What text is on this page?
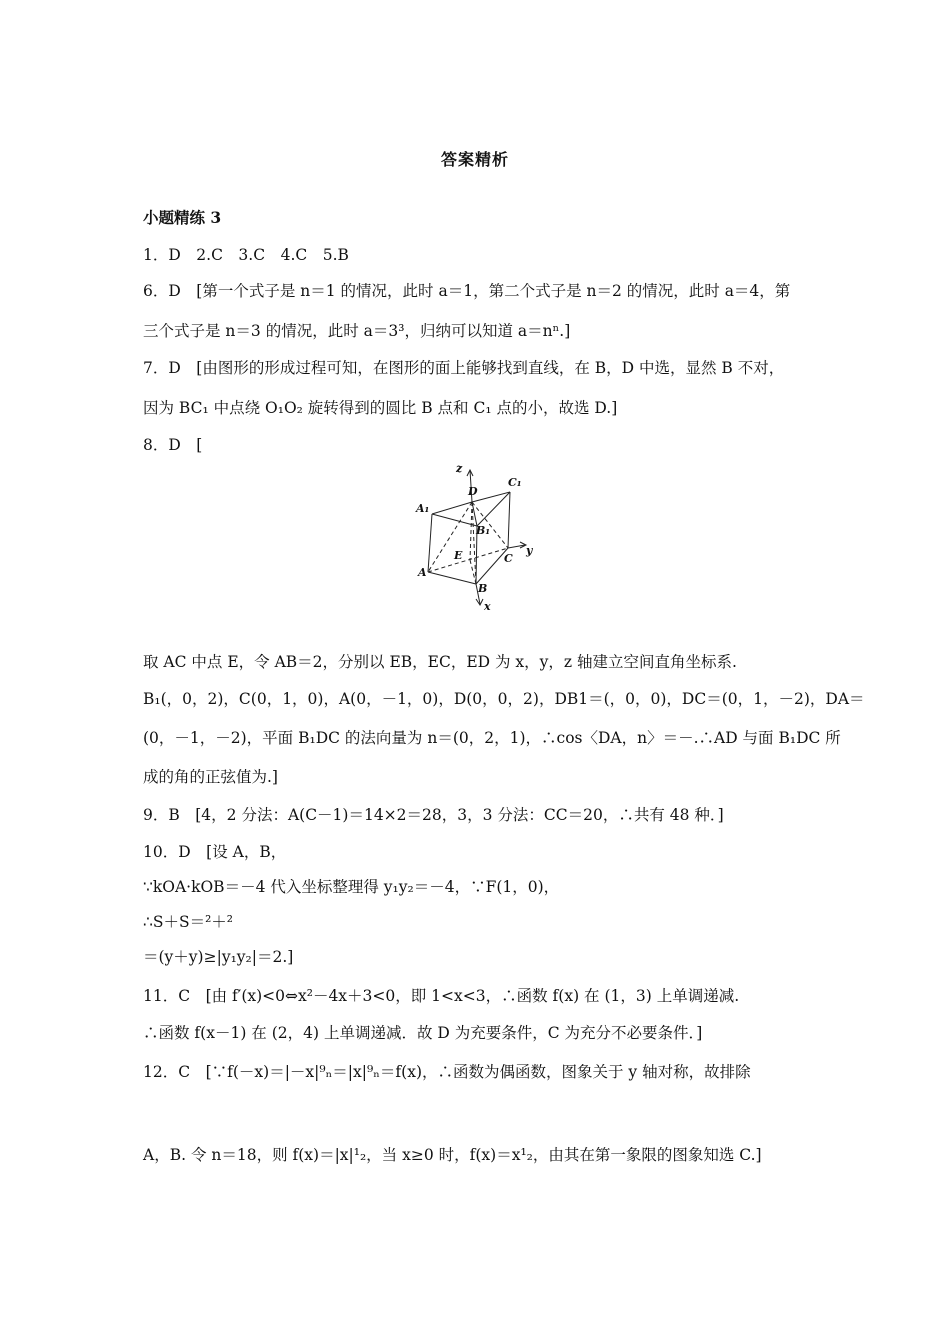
答案精析
小题精练 3
1．D　2.C　3.C　4.C　5.B
6．D　[第一个式子是 n＝1 的情况，此时 a＝1，第二个式子是 n＝2 的情况，此时 a＝4，第
三个式子是 n＝3 的情况，此时 a＝3³，归纳可以知道 a＝nⁿ.]
7．D　[由图形的形成过程可知，在图形的面上能够找到直线，在 B，D 中选，显然 B 不对，
因为 BC₁ 中点绕 O₁O₂ 旋转得到的圆比 B 点和 C₁ 点的小，故选 D.]
8．D　[
z
D
C₁
A₁
B₁
E	C
y
A
B
x
取 AC 中点 E，令 AB＝2，分别以 EB，EC，ED 为 x，y，z 轴建立空间直角坐标系.
B₁(，0，2)，C(0，1，0)，A(0，－1，0)，D(0，0，2)，DB1＝(，0，0)，DC＝(0，1，－2)，DA＝
(0，－1，－2)，平面 B₁DC 的法向量为 n＝(0，2，1)，∴cos〈DA，n〉＝－.∴AD 与面 B₁DC 所
成的角的正弦值为.]
9．B　[4，2 分法：A(C－1)＝14×2＝28，3，3 分法：CC＝20，∴共有 48 种．]
10．D　[设 A，B，
∵kOA·kOB＝－4 代入坐标整理得 y₁y₂＝－4，∵F(1，0)，
∴S＋S＝²＋²
＝(y＋y)≥|y₁y₂|＝2.]
11．C　[由 f′(x)<0⇔x²－4x＋3<0，即 1<x<3，∴函数 f(x) 在 (1，3) 上单调递减.
∴函数 f(x－1) 在 (2，4) 上单调递减．故 D 为充要条件，C 为充分不必要条件．]
12．C　[∵f(－x)＝|－x|⁹ₙ＝|x|⁹ₙ＝f(x)，∴函数为偶函数，图象关于 y 轴对称，故排除
A，B. 令 n＝18，则 f(x)＝|x|¹₂，当 x≥0 时，f(x)＝x¹₂，由其在第一象限的图象知选 C.]
